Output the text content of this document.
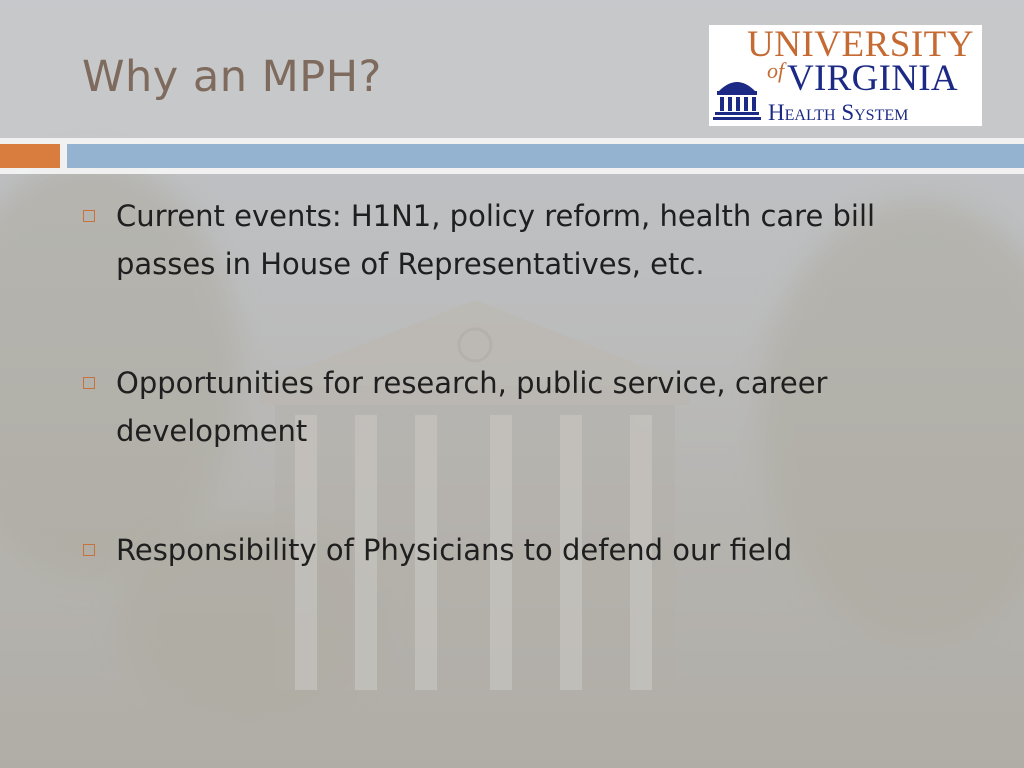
Why an MPH?
UNIVERSITY
of VIRGINIA
Health System
Current events: H1N1, policy reform, health care bill passes in House of Representatives, etc.
Opportunities for research, public service, career development
Responsibility of Physicians to defend our field
